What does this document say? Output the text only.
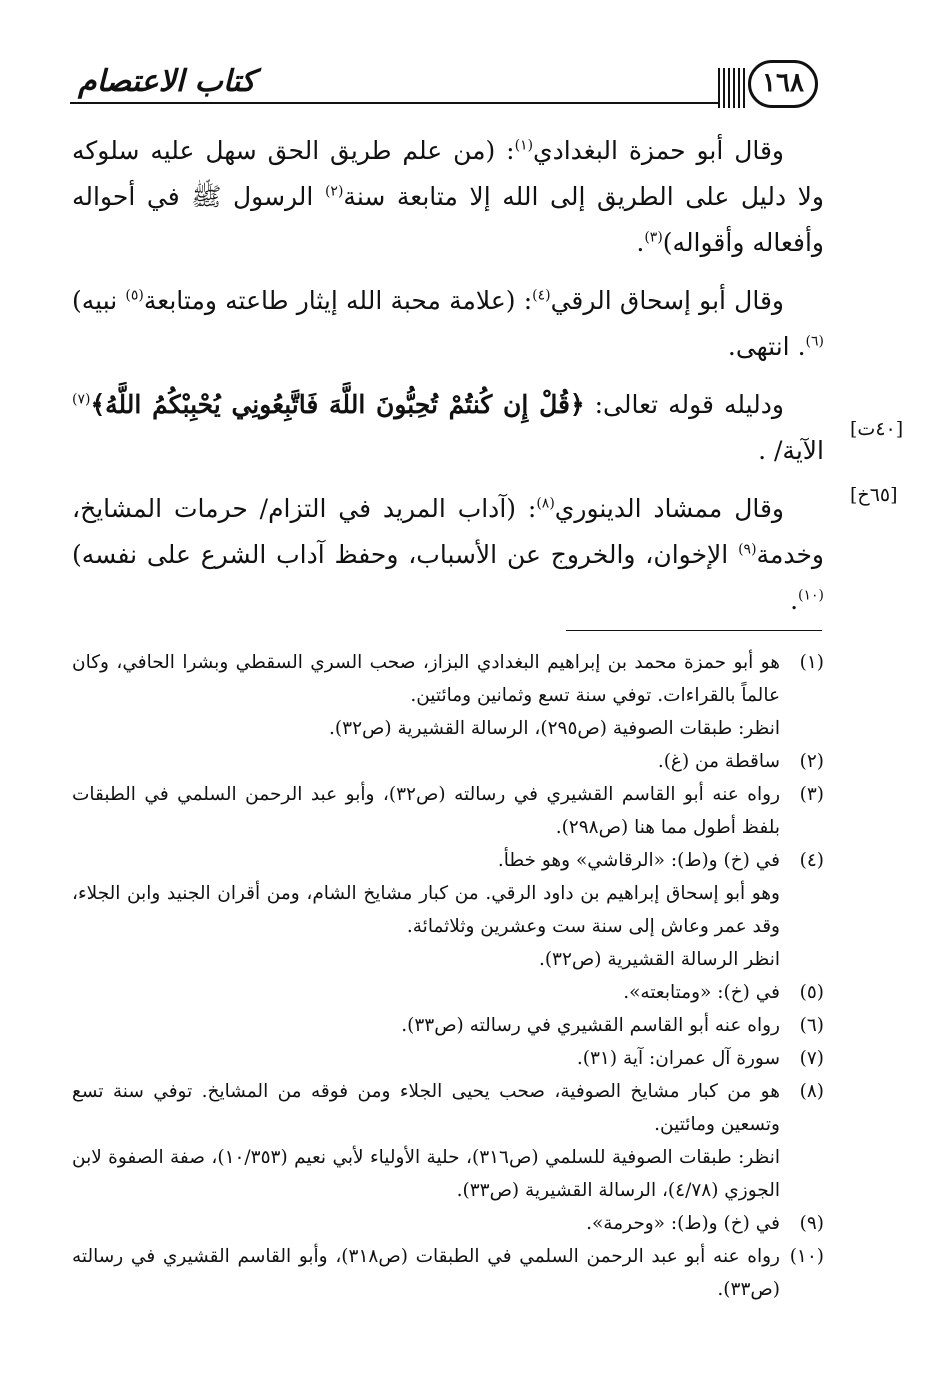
كتاب الاعتصام	١٦٨

وقال أبو حمزة البغدادي$^{(١)}$: (من علم طريق الحق سهل عليه سلوكه ولا دليل على الطريق إلى الله إلا متابعة سنة$^{(٢)}$ الرسول ﷺ في أحواله وأفعاله وأقواله)$^{(٣)}$.

وقال أبو إسحاق الرقي$^{(٤)}$: (علامة محبة الله إيثار طاعته ومتابعة$^{(٥)}$ نبيه)$^{(٦)}$. انتهى.

ودليله قوله تعالى: ﴿قُلْ إِن كُنتُمْ تُحِبُّونَ اللَّهَ فَاتَّبِعُونِي يُحْبِبْكُمُ اللَّهُ﴾$^{(٧)}$ الآية/ .

وقال ممشاد الدينوري$^{(٨)}$: (آداب المريد في التزام/ حرمات المشايخ، وخدمة$^{(٩)}$ الإخوان، والخروج عن الأسباب، وحفظ آداب الشرع على نفسه)$^{(١٠)}$.

[٤٠ت]
[٦٥خ]
(١)
هو أبو حمزة محمد بن إبراهيم البغدادي البزاز، صحب السري السقطي وبشرا الحافي، وكان عالماً بالقراءات. توفي سنة تسع وثمانين ومائتين.
انظر: طبقات الصوفية (ص٢٩٥)، الرسالة القشيرية (ص٣٢).
(٢)
ساقطة من (غ).
(٣)
رواه عنه أبو القاسم القشيري في رسالته (ص٣٢)، وأبو عبد الرحمن السلمي في الطبقات بلفظ أطول مما هنا (ص٢٩٨).
(٤)
في (خ) و(ط): «الرقاشي» وهو خطأ.
وهو أبو إسحاق إبراهيم بن داود الرقي. من كبار مشايخ الشام، ومن أقران الجنيد وابن الجلاء، وقد عمر وعاش إلى سنة ست وعشرين وثلاثمائة.
انظر الرسالة القشيرية (ص٣٢).
(٥)
في (خ): «ومتابعته».
(٦)
رواه عنه أبو القاسم القشيري في رسالته (ص٣٣).
(٧)
سورة آل عمران: آية (٣١).
(٨)
هو من كبار مشايخ الصوفية، صحب يحيى الجلاء ومن فوقه من المشايخ. توفي سنة تسع وتسعين ومائتين.
انظر: طبقات الصوفية للسلمي (ص٣١٦)، حلية الأولياء لأبي نعيم (١٠/٣٥٣)، صفة الصفوة لابن الجوزي (٤/٧٨)، الرسالة القشيرية (ص٣٣).
(٩)
في (خ) و(ط): «وحرمة».
(١٠)
رواه عنه أبو عبد الرحمن السلمي في الطبقات (ص٣١٨)، وأبو القاسم القشيري في رسالته (ص٣٣).
